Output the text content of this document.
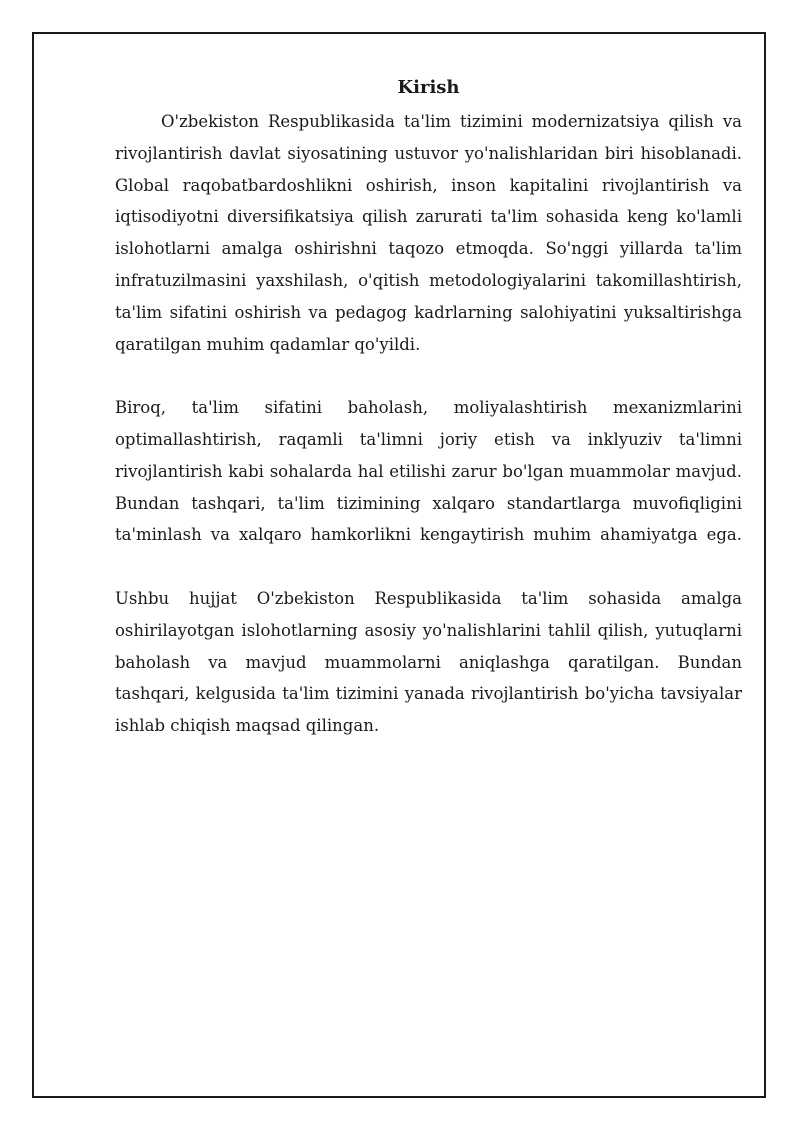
Kirish

O'zbekiston Respublikasida ta'lim tizimini modernizatsiya qilish va rivojlantirish davlat siyosatining ustuvor yo'nalishlaridan biri hisoblanadi. Global raqobatbardoshlikni oshirish, inson kapitalini rivojlantirish va iqtisodiyotni diversifikatsiya qilish zarurati ta'lim sohasida keng ko'lamli islohotlarni amalga oshirishni taqozo etmoqda. So'nggi yillarda ta'lim infratuzilmasini yaxshilash, o'qitish metodologiyalarini takomillashtirish, ta'lim sifatini oshirish va pedagog kadrlarning salohiyatini yuksaltirishga qaratilgan muhim qadamlar qo'yildi.

Biroq, ta'lim sifatini baholash, moliyalashtirish mexanizmlarini optimallashtirish, raqamli ta'limni joriy etish va inklyuziv ta'limni rivojlantirish kabi sohalarda hal etilishi zarur bo'lgan muammolar mavjud. Bundan tashqari, ta'lim tizimining xalqaro standartlarga muvofiqligini ta'minlash va xalqaro hamkorlikni kengaytirish muhim ahamiyatga ega.

Ushbu hujjat O'zbekiston Respublikasida ta'lim sohasida amalga oshirilayotgan islohotlarning asosiy yo'nalishlarini tahlil qilish, yutuqlarni baholash va mavjud muammolarni aniqlashga qaratilgan. Bundan tashqari, kelgusida ta'lim tizimini yanada rivojlantirish bo'yicha tavsiyalar ishlab chiqish maqsad qilingan.
